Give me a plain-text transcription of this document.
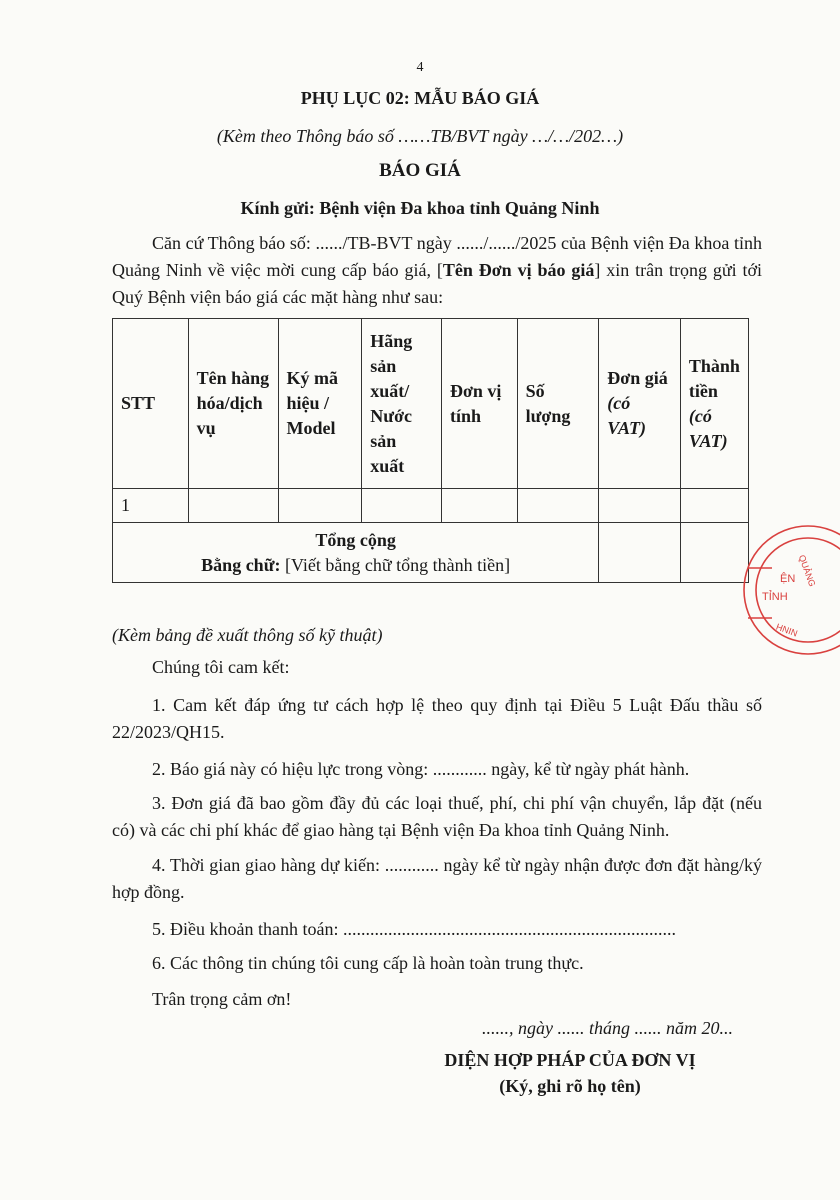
4
PHỤ LỤC 02: MẪU BÁO GIÁ
(Kèm theo Thông báo số ……TB/BVT ngày …/…/202…)
BÁO GIÁ
Kính gửi: Bệnh viện Đa khoa tỉnh Quảng Ninh
Căn cứ Thông báo số: ....../TB-BVT ngày ....../....../2025 của Bệnh viện Đa khoa tỉnh Quảng Ninh về việc mời cung cấp báo giá, [Tên Đơn vị báo giá] xin trân trọng gửi tới Quý Bệnh viện báo giá các mặt hàng như sau:
STT	Tên hàng hóa/dịch vụ	Ký mã hiệu / Model	Hãng sản xuất/ Nước sản xuất	Đơn vị tính	Số lượng	Đơn giá (có VAT)	Thành tiền (có VAT)
1							

Tổng cộng
Bằng chữ: [Viết bằng chữ tổng thành tiền]							

(Kèm bảng đề xuất thông số kỹ thuật)
Chúng tôi cam kết:
1. Cam kết đáp ứng tư cách hợp lệ theo quy định tại Điều 5 Luật Đấu thầu số 22/2023/QH15.
2. Báo giá này có hiệu lực trong vòng: ............ ngày, kể từ ngày phát hành.
3. Đơn giá đã bao gồm đầy đủ các loại thuế, phí, chi phí vận chuyển, lắp đặt (nếu có) và các chi phí khác để giao hàng tại Bệnh viện Đa khoa tỉnh Quảng Ninh.
4. Thời gian giao hàng dự kiến: ............ ngày kể từ ngày nhận được đơn đặt hàng/ký hợp đồng.
5. Điều khoản thanh toán: ..........................................................................
6. Các thông tin chúng tôi cung cấp là hoàn toàn trung thực.
Trân trọng cảm ơn!
......, ngày ...... tháng ...... năm 20...
DIỆN HỢP PHÁP CỦA ĐƠN VỊ
(Ký, ghi rõ họ tên)
ỆN
TỈNH
QUẢNG
NINH
